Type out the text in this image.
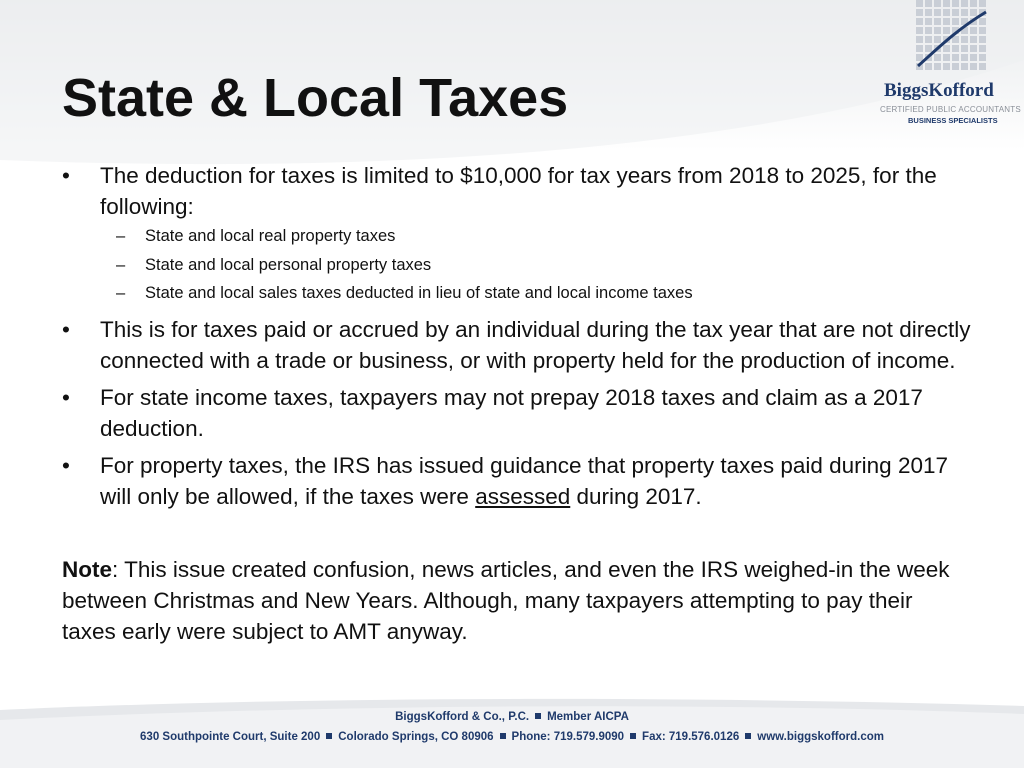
State & Local Taxes	BiggsKofford
CERTIFIED PUBLIC ACCOUNTANTS
BUSINESS SPECIALISTS
•	The deduction for taxes is limited to $10,000 for tax years from 2018 to 2025, for the following:
– State and local real property taxes
– State and local personal property taxes
– State and local sales taxes deducted in lieu of state and local income taxes
•	This is for taxes paid or accrued by an individual during the tax year that are not directly connected with a trade or business, or with property held for the production of income.
•	For state income taxes, taxpayers may not prepay 2018 taxes and claim as a 2017 deduction.
•	For property taxes, the IRS has issued guidance that property taxes paid during 2017 will only be allowed, if the taxes were assessed during 2017.
Note: This issue created confusion, news articles, and even the IRS weighed-in the week between Christmas and New Years. Although, many taxpayers attempting to pay their taxes early were subject to AMT anyway.
BiggsKofford & Co., P.C. Member AICPA
630 Southpointe Court, Suite 200 Colorado Springs, CO 80906 Phone: 719.579.9090 Fax: 719.576.0126 www.biggskofford.com
